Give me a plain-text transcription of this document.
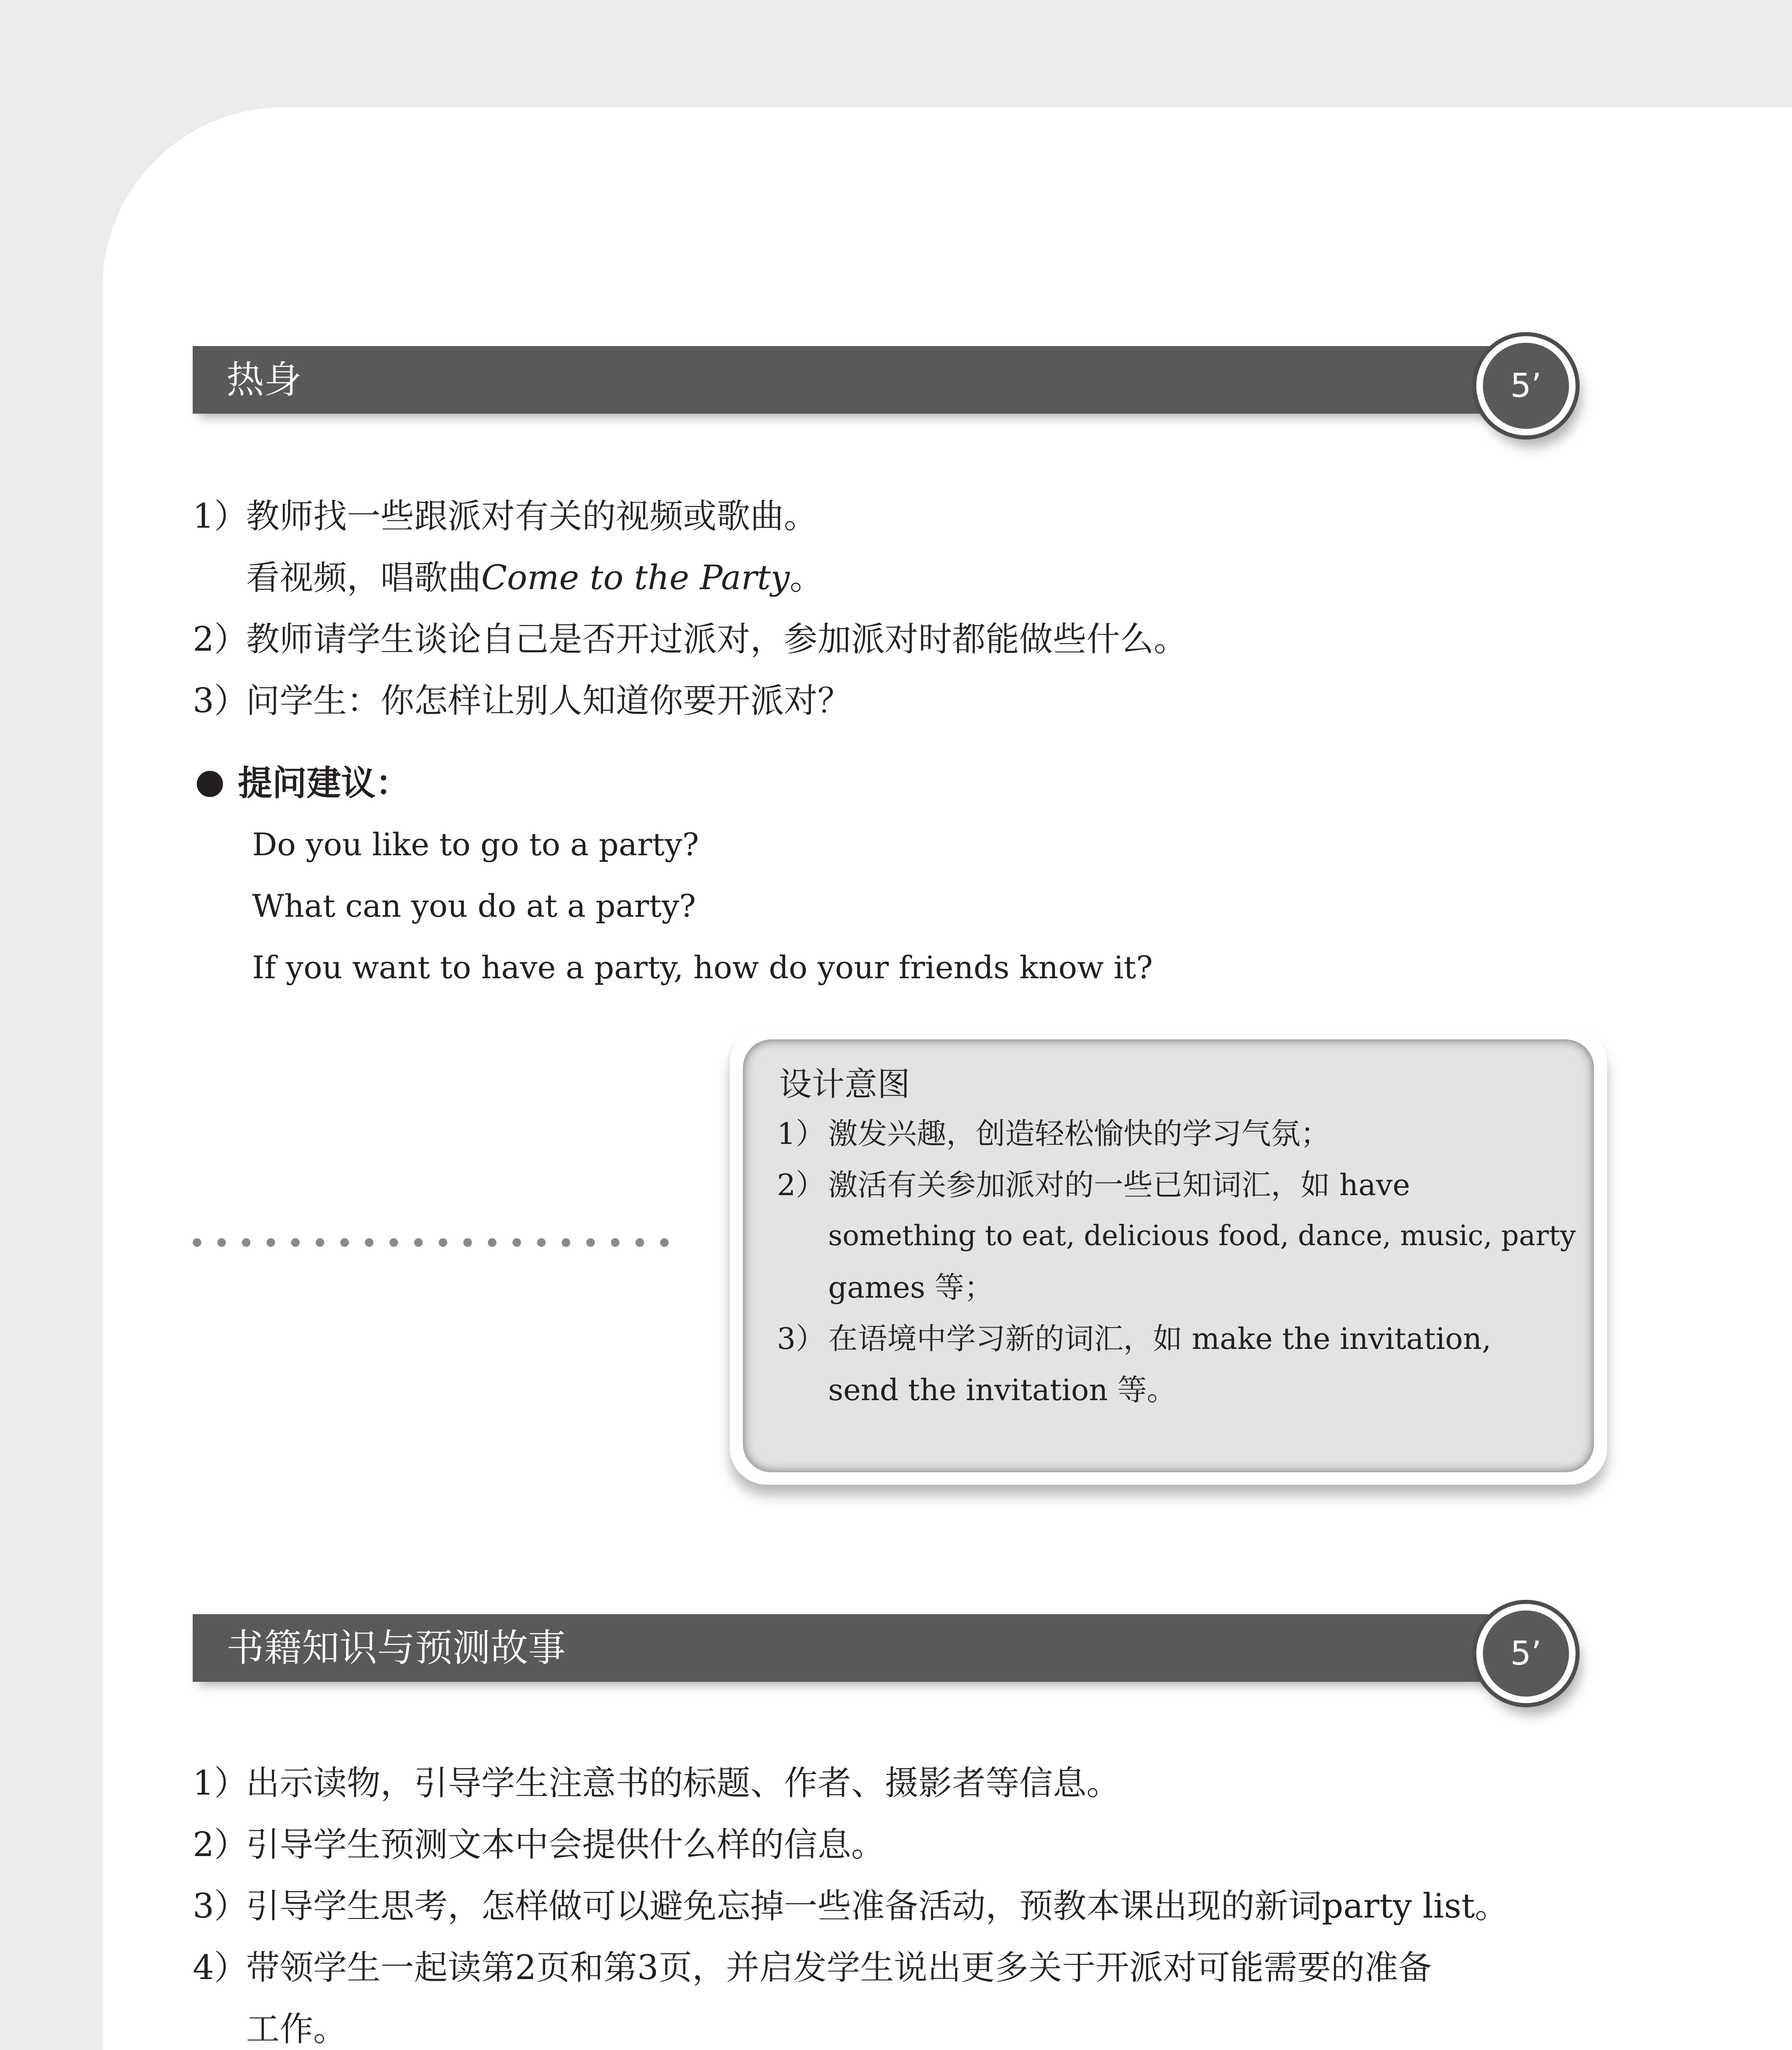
热身	5’
1）
教师找一些跟派对有关的视频或歌曲。
看视频，唱歌曲Come to the Party。
2）
教师请学生谈论自己是否开过派对，参加派对时都能做些什么。
3）
问学生：你怎样让别人知道你要开派对？
提问建议：
Do you like to go to a party?
What can you do at a party?
If you want to have a party, how do your friends know it?
设计意图
1） 激发兴趣，创造轻松愉快的学习气氛；
2） 激活有关参加派对的一些已知词汇，如 have
something to eat, delicious food, dance, music, party
games 等；
3） 在语境中学习新的词汇，如 make the invitation,
send the invitation 等。
书籍知识与预测故事	5’
1）
出示读物，引导学生注意书的标题、作者、摄影者等信息。
2）
引导学生预测文本中会提供什么样的信息。
3）
引导学生思考，怎样做可以避免忘掉一些准备活动，预教本课出现的新词party list。
4）
带领学生一起读第2页和第3页，并启发学生说出更多关于开派对可能需要的准备
工作。
